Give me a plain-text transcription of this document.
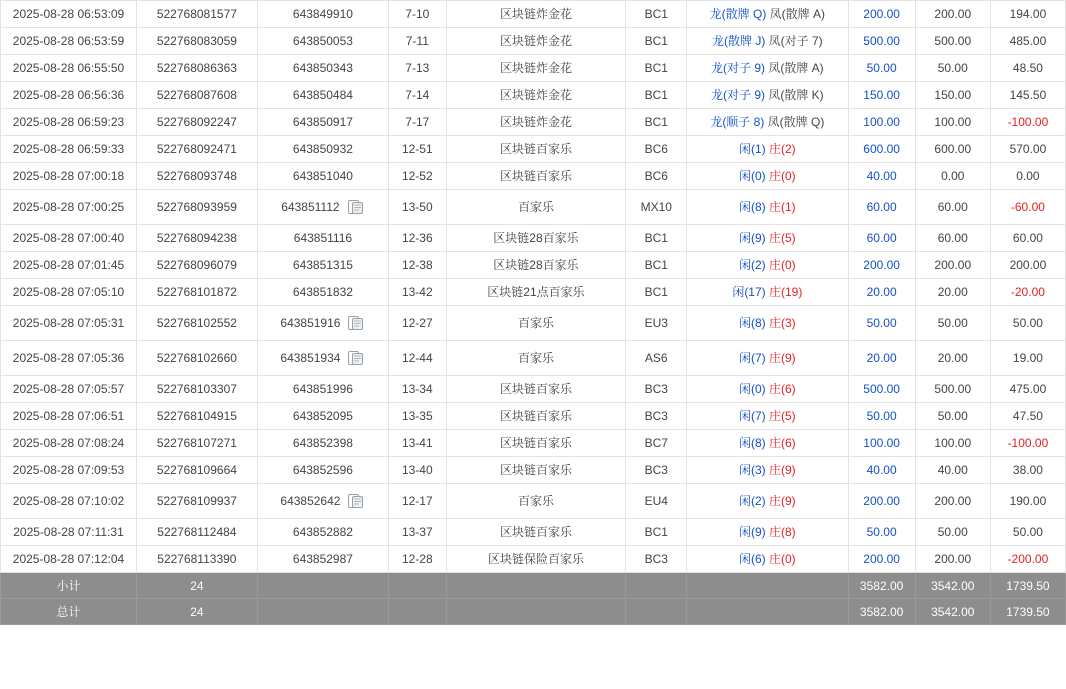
2025-08-28 06:53:09	522768081577	643849910	7-10	区块链炸金花	BC1	龙(散牌 Q) 凤(散牌 A)	200.00	200.00	194.00
2025-08-28 06:53:59	522768083059	643850053	7-11	区块链炸金花	BC1	龙(散牌 J) 凤(对子 7)	500.00	500.00	485.00
2025-08-28 06:55:50	522768086363	643850343	7-13	区块链炸金花	BC1	龙(对子 9) 凤(散牌 A)	50.00	50.00	48.50
2025-08-28 06:56:36	522768087608	643850484	7-14	区块链炸金花	BC1	龙(对子 9) 凤(散牌 K)	150.00	150.00	145.50
2025-08-28 06:59:23	522768092247	643850917	7-17	区块链炸金花	BC1	龙(顺子 8) 凤(散牌 Q)	100.00	100.00	-100.00
2025-08-28 06:59:33	522768092471	643850932	12-51	区块链百家乐	BC6	闲(1) 庄(2)	600.00	600.00	570.00
2025-08-28 07:00:18	522768093748	643851040	12-52	区块链百家乐	BC6	闲(0) 庄(0)	40.00	0.00	0.00
2025-08-28 07:00:25	522768093959	643851112	13-50	百家乐	MX10	闲(8) 庄(1)	60.00	60.00	-60.00
2025-08-28 07:00:40	522768094238	643851116	12-36	区块链28百家乐	BC1	闲(9) 庄(5)	60.00	60.00	60.00
2025-08-28 07:01:45	522768096079	643851315	12-38	区块链28百家乐	BC1	闲(2) 庄(0)	200.00	200.00	200.00
2025-08-28 07:05:10	522768101872	643851832	13-42	区块链21点百家乐	BC1	闲(17) 庄(19)	20.00	20.00	-20.00
2025-08-28 07:05:31	522768102552	643851916	12-27	百家乐	EU3	闲(8) 庄(3)	50.00	50.00	50.00
2025-08-28 07:05:36	522768102660	643851934	12-44	百家乐	AS6	闲(7) 庄(9)	20.00	20.00	19.00
2025-08-28 07:05:57	522768103307	643851996	13-34	区块链百家乐	BC3	闲(0) 庄(6)	500.00	500.00	475.00
2025-08-28 07:06:51	522768104915	643852095	13-35	区块链百家乐	BC3	闲(7) 庄(5)	50.00	50.00	47.50
2025-08-28 07:08:24	522768107271	643852398	13-41	区块链百家乐	BC7	闲(8) 庄(6)	100.00	100.00	-100.00
2025-08-28 07:09:53	522768109664	643852596	13-40	区块链百家乐	BC3	闲(3) 庄(9)	40.00	40.00	38.00
2025-08-28 07:10:02	522768109937	643852642	12-17	百家乐	EU4	闲(2) 庄(9)	200.00	200.00	190.00
2025-08-28 07:11:31	522768112484	643852882	13-37	区块链百家乐	BC1	闲(9) 庄(8)	50.00	50.00	50.00
2025-08-28 07:12:04	522768113390	643852987	12-28	区块链保险百家乐	BC3	闲(6) 庄(0)	200.00	200.00	-200.00
小计	24						3582.00	3542.00	1739.50
总计	24						3582.00	3542.00	1739.50
